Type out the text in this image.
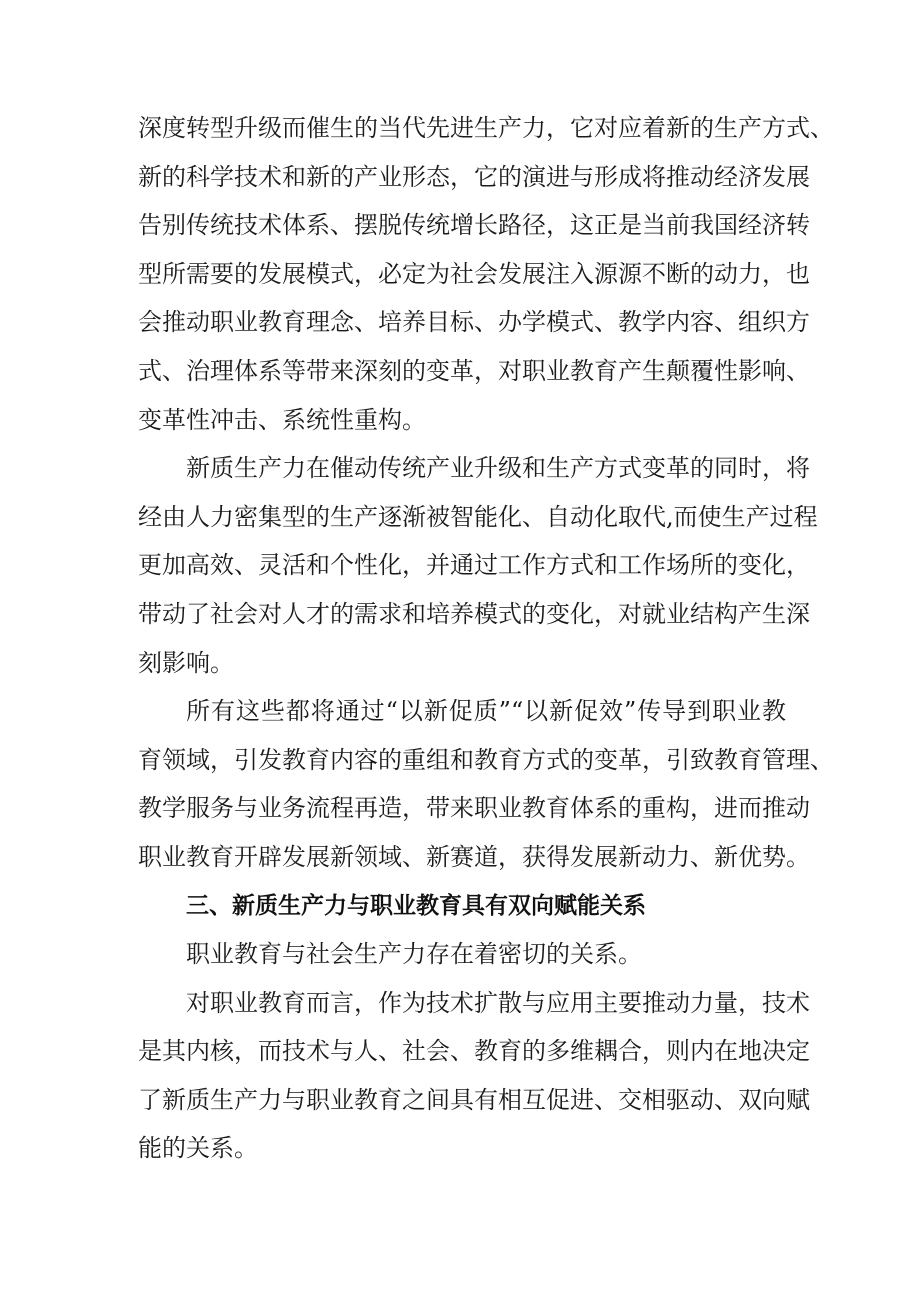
深度转型升级而催生的当代先进生产力，它对应着新的生产方式、
新的科学技术和新的产业形态，它的演进与形成将推动经济发展
告别传统技术体系、摆脱传统增长路径，这正是当前我国经济转
型所需要的发展模式，必定为社会发展注入源源不断的动力，也
会推动职业教育理念、培养目标、办学模式、教学内容、组织方
式、治理体系等带来深刻的变革，对职业教育产生颠覆性影响、
变革性冲击、系统性重构。
新质生产力在催动传统产业升级和生产方式变革的同时，将
经由人力密集型的生产逐渐被智能化、自动化取代,而使生产过程
更加高效、灵活和个性化，并通过工作方式和工作场所的变化，
带动了社会对人才的需求和培养模式的变化，对就业结构产生深
刻影响。
所有这些都将通过“以新促质”“以新促效”传导到职业教
育领域，引发教育内容的重组和教育方式的变革，引致教育管理、
教学服务与业务流程再造，带来职业教育体系的重构，进而推动
职业教育开辟发展新领域、新赛道，获得发展新动力、新优势。
三、新质生产力与职业教育具有双向赋能关系
职业教育与社会生产力存在着密切的关系。
对职业教育而言，作为技术扩散与应用主要推动力量，技术
是其内核，而技术与人、社会、教育的多维耦合，则内在地决定
了新质生产力与职业教育之间具有相互促进、交相驱动、双向赋
能的关系。
